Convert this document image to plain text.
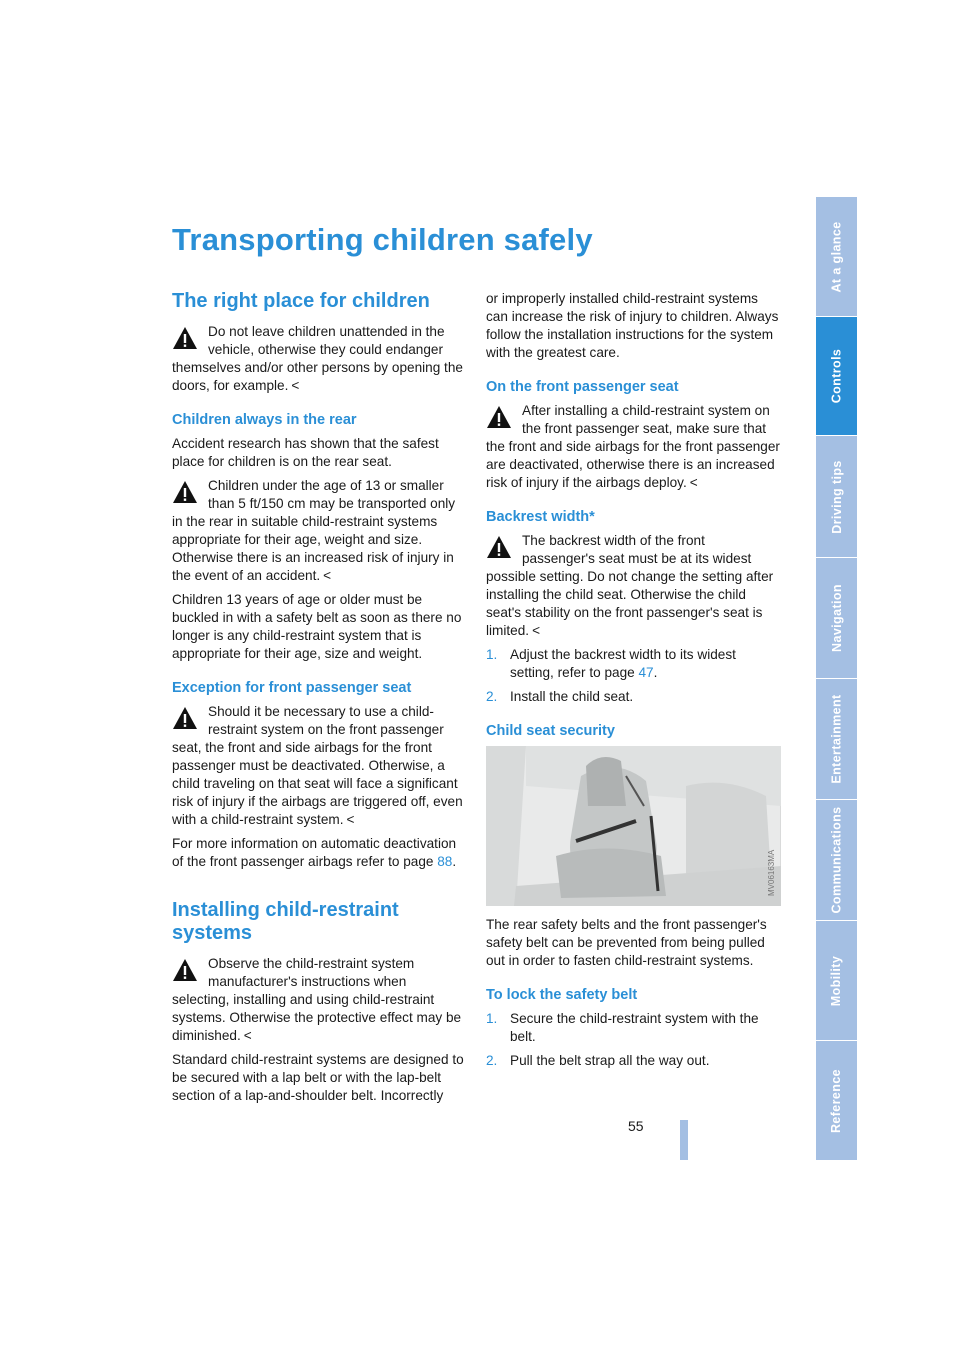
Transporting children safely
The right place for children
Do not leave children unattended in the vehicle, otherwise they could endanger themselves and/or other persons by opening the doors, for example. <
Children always in the rear

Accident research has shown that the safest place for children is on the rear seat.

Children under the age of 13 or smaller than 5 ft/150 cm may be transported only in the rear in suitable child-restraint systems appropriate for their age, weight and size. Otherwise there is an increased risk of injury in the event of an accident. <

Children 13 years of age or older must be buckled in with a safety belt as soon as there no longer is any child-restraint system that is appropriate for their age, size and weight.

Exception for front passenger seat
Should it be necessary to use a child-restraint system on the front passenger seat, the front and side airbags for the front passenger must be deactivated. Otherwise, a child traveling on that seat will face a significant risk of injury if the airbags are triggered off, even with a child-restraint system. <

For more information on automatic deactivation of the front passenger airbags refer to page 88.

Installing child-restraint systems
Observe the child-restraint system manufacturer's instructions when selecting, installing and using child-restraint systems. Otherwise the protective effect may be diminished. <

Standard child-restraint systems are designed to be secured with a lap belt or with the lap-belt section of a lap-and-shoulder belt. Incorrectly

or improperly installed child-restraint systems can increase the risk of injury to children. Always follow the installation instructions for the system with the greatest care.

On the front passenger seat
After installing a child-restraint system on the front passenger seat, make sure that the front and side airbags for the front passenger are deactivated, otherwise there is an increased risk of injury if the airbags deploy. <
Backrest width*
The backrest width of the front passenger's seat must be at its widest possible setting. Do not change the setting after installing the child seat. Otherwise the child seat's stability on the front passenger's seat is limited. <
1. Adjust the backrest width to its widest setting, refer to page 47.
2. Install the child seat.
Child seat security
MV06163MA

The rear safety belts and the front passenger's safety belt can be prevented from being pulled out in order to fasten child-restraint systems.

To lock the safety belt
1. Secure the child-restraint system with the belt.
2. Pull the belt strap all the way out.
At a glance
Controls
Driving tips
Navigation
Entertainment
Communications
Mobility
Reference
55
